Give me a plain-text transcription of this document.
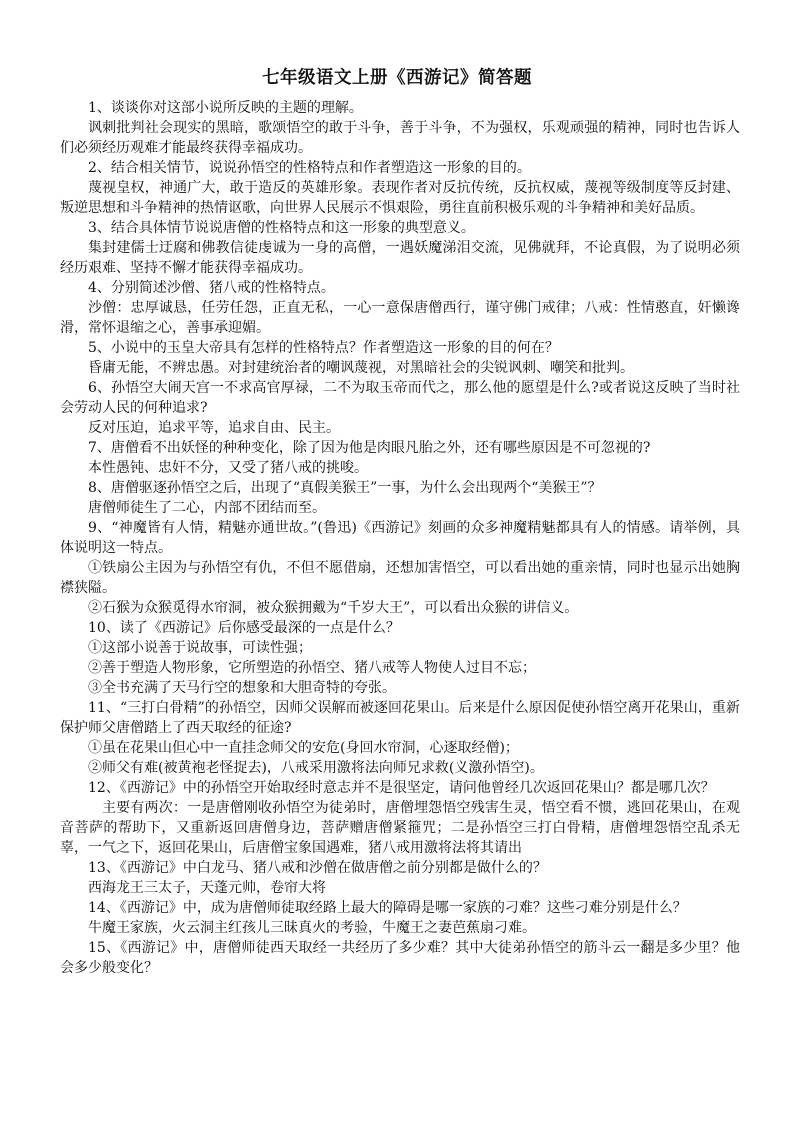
七年级语文上册《西游记》简答题

1、谈谈你对这部小说所反映的主题的理解。

讽刺批判社会现实的黑暗，歌颂悟空的敢于斗争，善于斗争，不为强权，乐观顽强的精神，同时也告诉人们必须经历观难才能最终获得幸福成功。

2、结合相关情节，说说孙悟空的性格特点和作者塑造这一形象的目的。

蔑视皇权，神通广大，敢于造反的英雄形象。表现作者对反抗传统，反抗权威，蔑视等级制度等反封建、叛逆思想和斗争精神的热情讴歌，向世界人民展示不惧艰险，勇往直前积极乐观的斗争精神和美好品质。

3、结合具体情节说说唐僧的性格特点和这一形象的典型意义。

集封建儒士迂腐和佛教信徒虔诚为一身的高僧，一遇妖魔涕泪交流，见佛就拜，不论真假，为了说明必须经历艰难、坚持不懈才能获得幸福成功。

4、分别简述沙僧、猪八戒的性格特点。

沙僧：忠厚诚恳，任劳任怨，正直无私，一心一意保唐僧西行，谨守佛门戒律；八戒：性情憨直，奸懒谗滑，常怀退缩之心，善事承迎媚。

5、小说中的玉皇大帝具有怎样的性格特点？作者塑造这一形象的目的何在？

昏庸无能，不辨忠愚。对封建统治者的嘲讽蔑视，对黑暗社会的尖锐讽刺、嘲笑和批判。

6、孙悟空大闹天宫一不求高官厚禄，二不为取玉帝而代之，那么他的愿望是什么?或者说这反映了当时社会劳动人民的何种追求?

反对压迫，追求平等，追求自由、民主。

7、唐僧看不出妖怪的种种变化，除了因为他是肉眼凡胎之外，还有哪些原因是不可忽视的?

本性愚钝、忠奸不分，又受了猪八戒的挑唆。

8、唐僧驱逐孙悟空之后，出现了“真假美猴王”一事，为什么会出现两个“美猴王”？

唐僧师徒生了二心，内部不团结而至。

9、“神魔皆有人情，精魅亦通世故。”(鲁迅)《西游记》刻画的众多神魔精魅都具有人的情感。请举例，具体说明这一特点。

①铁扇公主因为与孙悟空有仇，不但不愿借扇，还想加害悟空，可以看出她的重亲情，同时也显示出她胸襟狭隘。

②石猴为众猴觅得水帘洞，被众猴拥戴为“千岁大王”，可以看出众猴的讲信义。

10、读了《西游记》后你感受最深的一点是什么？

①这部小说善于说故事，可读性强；

②善于塑造人物形象，它所塑造的孙悟空、猪八戒等人物使人过目不忘；

③全书充满了天马行空的想象和大胆奇特的夸张。

11、“三打白骨精”的孙悟空，因师父误解而被逐回花果山。后来是什么原因促使孙悟空离开花果山，重新保护师父唐僧踏上了西天取经的征途?

①虽在花果山但心中一直挂念师父的安危(身回水帘洞，心逐取经僧)；

②师父有难(被黄袍老怪捉去)，八戒采用激将法向师兄求救(义激孙悟空)。

12、《西游记》中的孙悟空开始取经时意志并不是很坚定，请问他曾经几次返回花果山？都是哪几次？

主要有两次：一是唐僧刚收孙悟空为徒弟时，唐僧埋怨悟空残害生灵，悟空看不惯，逃回花果山，在观音菩萨的帮助下，又重新返回唐僧身边，菩萨赠唐僧紧箍咒；二是孙悟空三打白骨精，唐僧埋怨悟空乱杀无辜，一气之下，返回花果山，后唐僧宝象国遇难，猪八戒用激将法将其请出

13、《西游记》中白龙马、猪八戒和沙僧在做唐僧之前分别都是做什么的？

西海龙王三太子，天蓬元帅，卷帘大将

14、《西游记》中，成为唐僧师徒取经路上最大的障碍是哪一家族的刁难？这些刁难分别是什么？

牛魔王家族，火云洞主红孩儿三昧真火的考验，牛魔王之妻芭蕉扇刁难。

15、《西游记》中，唐僧师徒西天取经一共经历了多少难？其中大徒弟孙悟空的筋斗云一翻是多少里？他会多少般变化？
